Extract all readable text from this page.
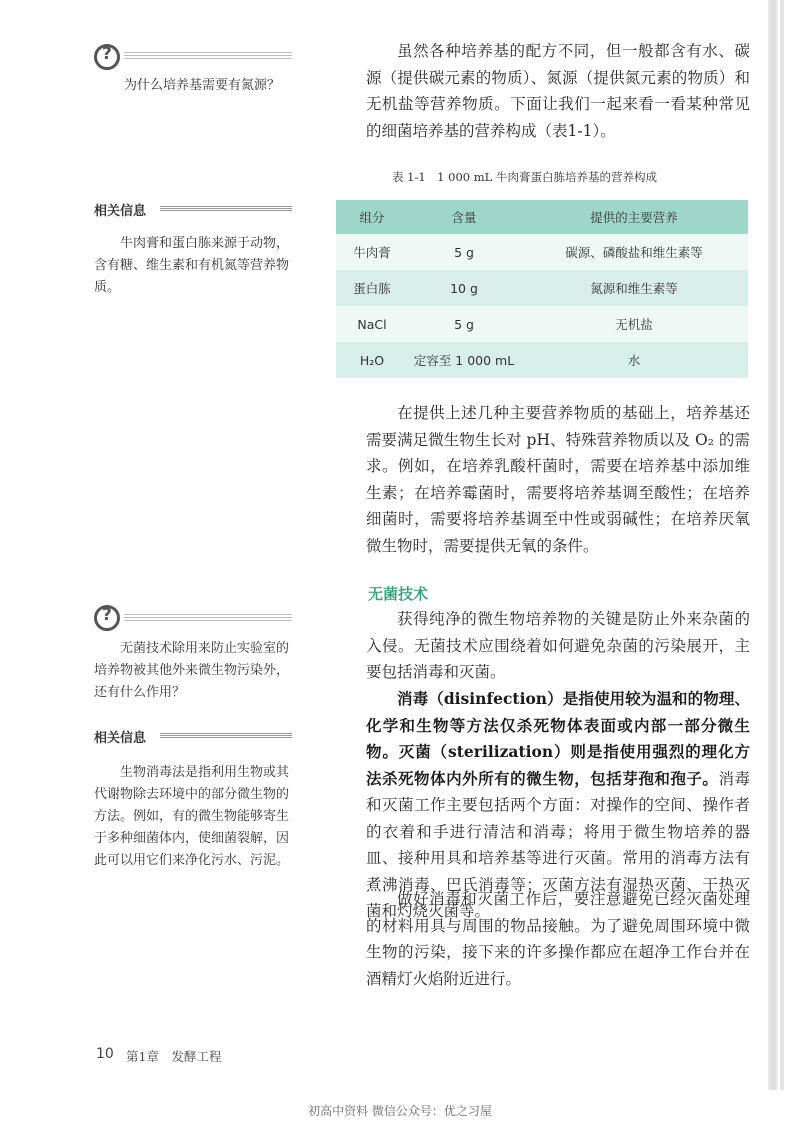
?
为什么培养基需要有氮源？
相关信息
牛肉膏和蛋白胨来源于动物，含有糖、维生素和有机氮等营养物质。
?
无菌技术除用来防止实验室的培养物被其他外来微生物污染外，还有什么作用？
相关信息
生物消毒法是指利用生物或其代谢物除去环境中的部分微生物的方法。例如，有的微生物能够寄生于多种细菌体内，使细菌裂解，因此可以用它们来净化污水、污泥。

虽然各种培养基的配方不同，但一般都含有水、碳源（提供碳元素的物质）、氮源（提供氮元素的物质）和无机盐等营养物质。下面让我们一起来看一看某种常见的细菌培养基的营养构成（表1-1）。

表 1-1　1 000 mL 牛肉膏蛋白胨培养基的营养构成
组分	含量	提供的主要营养
牛肉膏	5 g	碳源、磷酸盐和维生素等
蛋白胨	10 g	氮源和维生素等
NaCl	5 g	无机盐
H₂O	定容至 1 000 mL	水

在提供上述几种主要营养物质的基础上，培养基还需要满足微生物生长对 pH、特殊营养物质以及 O₂ 的需求。例如，在培养乳酸杆菌时，需要在培养基中添加维生素；在培养霉菌时，需要将培养基调至酸性；在培养细菌时，需要将培养基调至中性或弱碱性；在培养厌氧微生物时，需要提供无氧的条件。

无菌技术

获得纯净的微生物培养物的关键是防止外来杂菌的入侵。无菌技术应围绕着如何避免杂菌的污染展开，主要包括消毒和灭菌。

消毒（disinfection）是指使用较为温和的物理、化学和生物等方法仅杀死物体表面或内部一部分微生物。灭菌（sterilization）则是指使用强烈的理化方法杀死物体内外所有的微生物，包括芽孢和孢子。消毒和灭菌工作主要包括两个方面：对操作的空间、操作者的衣着和手进行清洁和消毒；将用于微生物培养的器皿、接种用具和培养基等进行灭菌。常用的消毒方法有煮沸消毒、巴氏消毒等；灭菌方法有湿热灭菌、干热灭菌和灼烧灭菌等。

做好消毒和灭菌工作后，要注意避免已经灭菌处理的材料用具与周围的物品接触。为了避免周围环境中微生物的污染，接下来的许多操作都应在超净工作台并在酒精灯火焰附近进行。

10 第1章　发酵工程
初高中资料 微信公众号：优之习屋
